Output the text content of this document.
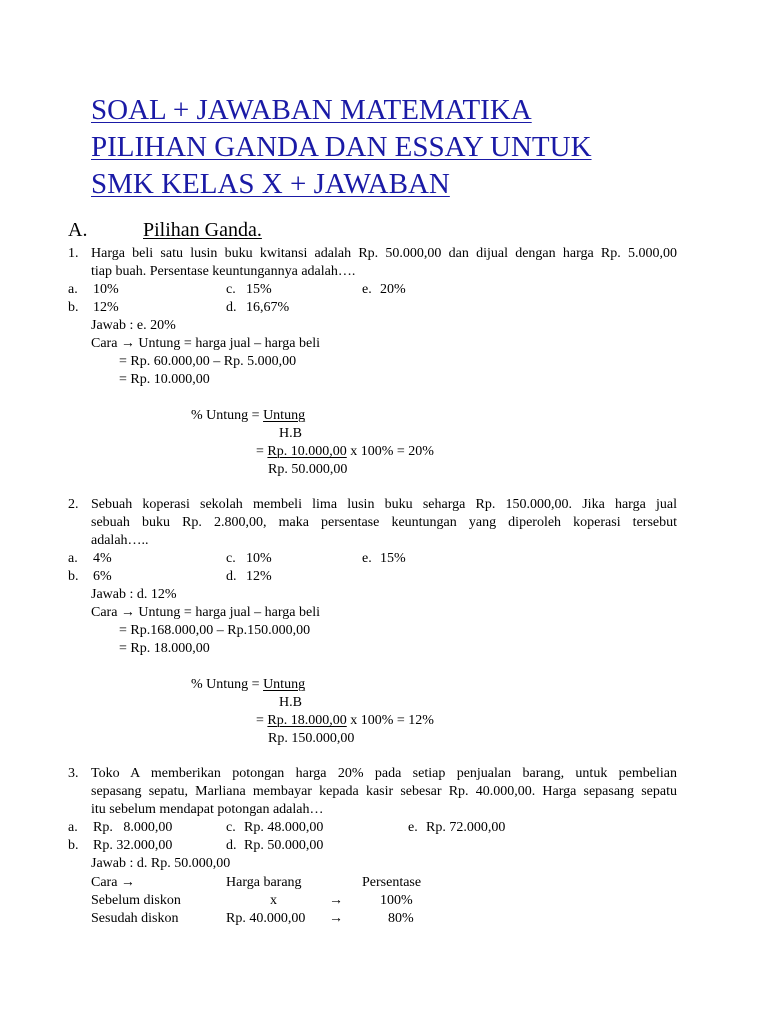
SOAL + JAWABAN MATEMATIKA
PILIHAN GANDA DAN ESSAY UNTUK
SMK KELAS X + JAWABAN
A.	Pilihan Ganda.
1. Harga beli satu lusin buku kwitansi adalah Rp. 50.000,00 dan dijual dengan harga Rp. 5.000,00
tiap buah. Persentase keuntungannya adalah….
a. 10%	c. 15%	e. 20%
b. 12%	d. 16,67%
Jawab : e. 20%
Cara → Untung = harga jual – harga beli
= Rp. 60.000,00 – Rp. 5.000,00
= Rp. 10.000,00
% Untung = Untung
H.B
= Rp. 10.000,00 x 100% = 20%
Rp. 50.000,00
2. Sebuah koperasi sekolah membeli lima lusin buku seharga Rp. 150.000,00. Jika harga jual
sebuah buku Rp. 2.800,00, maka persentase keuntungan yang diperoleh koperasi tersebut
adalah…..
a. 4%	c. 10%	e. 15%
b. 6%	d. 12%
Jawab : d. 12%
Cara → Untung = harga jual – harga beli
= Rp.168.000,00 – Rp.150.000,00
= Rp. 18.000,00
% Untung = Untung
H.B
= Rp. 18.000,00 x 100% = 12%
Rp. 150.000,00
3. Toko A memberikan potongan harga 20% pada setiap penjualan barang, untuk pembelian
sepasang sepatu, Marliana membayar kepada kasir sebesar Rp. 40.000,00. Harga sepasang sepatu
itu sebelum mendapat potongan adalah…
a. Rp.   8.000,00	c. Rp. 48.000,00	e. Rp. 72.000,00
b. Rp. 32.000,00	d. Rp. 50.000,00
Jawab : d. Rp. 50.000,00
Cara →	Harga barang	Persentase
Sebelum diskon	x	→	100%
Sesudah diskon	Rp. 40.000,00 →	80%
